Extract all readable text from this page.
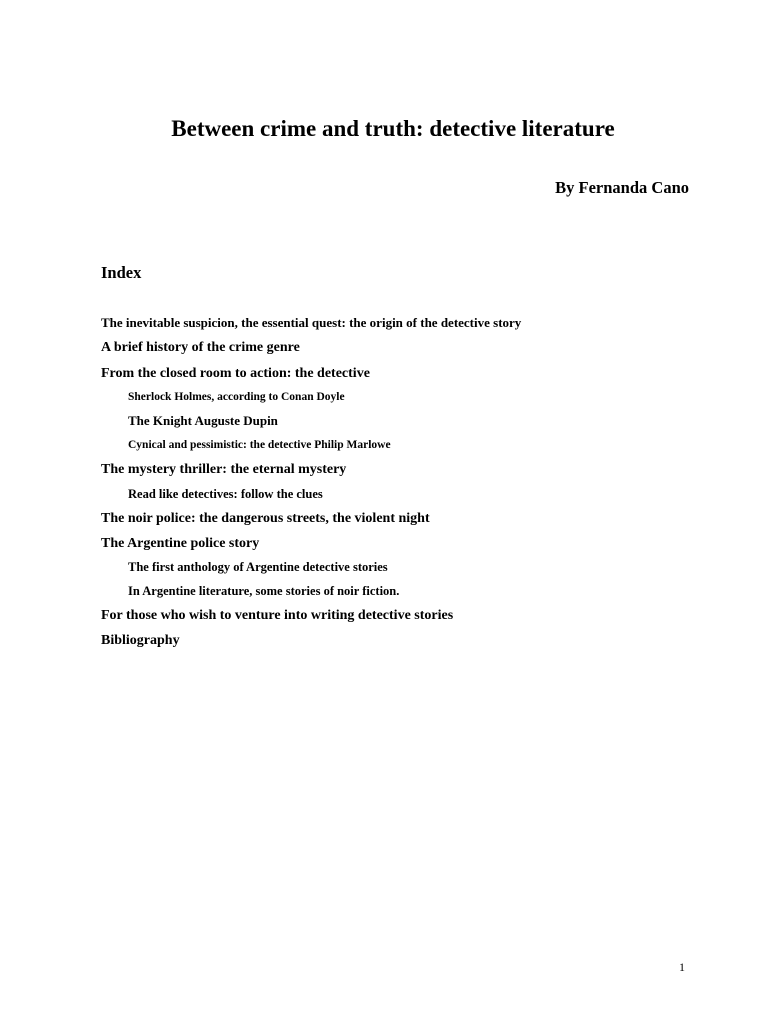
Between crime and truth: detective literature
By Fernanda Cano
Index
The inevitable suspicion, the essential quest: the origin of the detective story
A brief history of the crime genre
From the closed room to action: the detective
Sherlock Holmes, according to Conan Doyle
The Knight Auguste Dupin
Cynical and pessimistic: the detective Philip Marlowe
The mystery thriller: the eternal mystery
Read like detectives: follow the clues
The noir police: the dangerous streets, the violent night
The Argentine police story
The first anthology of Argentine detective stories
In Argentine literature, some stories of noir fiction.
For those who wish to venture into writing detective stories
Bibliography
1
